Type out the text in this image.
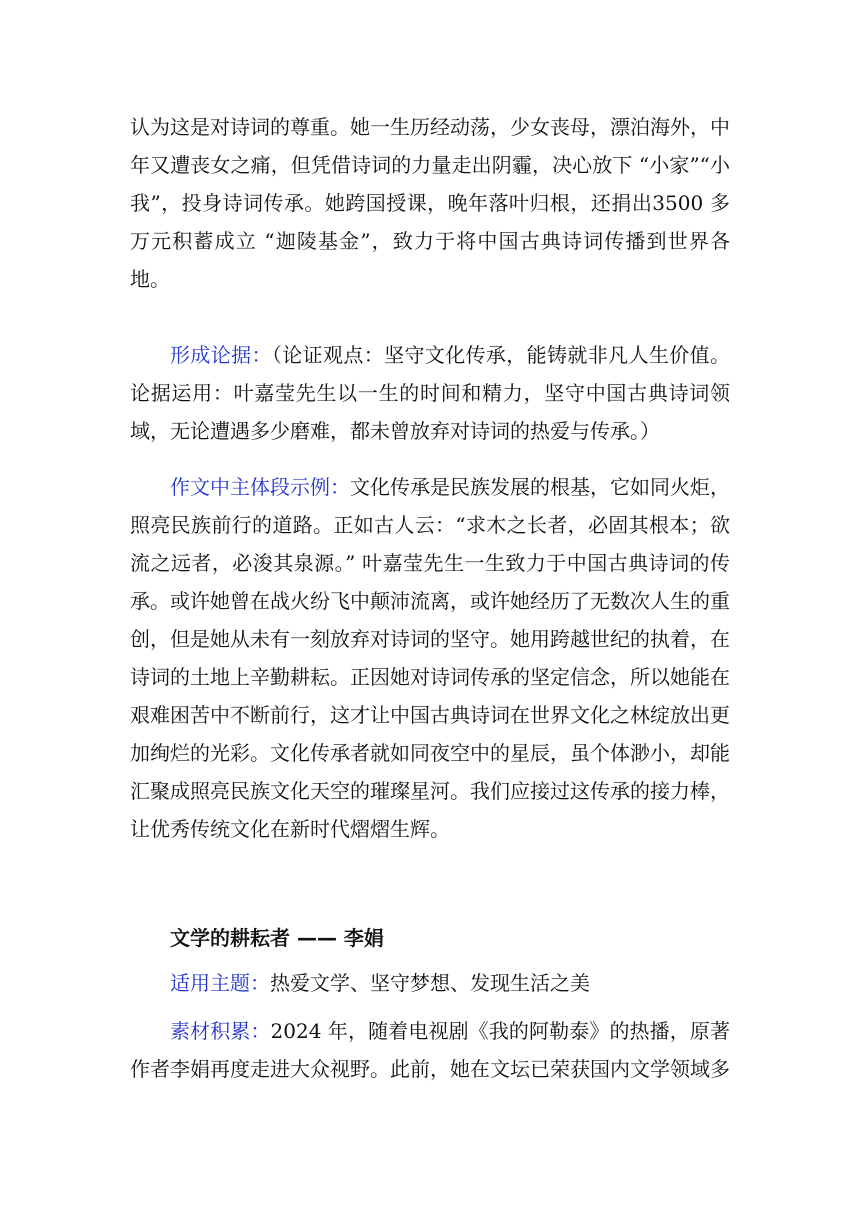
认为这是对诗词的尊重。她一生历经动荡，少女丧母，漂泊海外，中年又遭丧女之痛，但凭借诗词的力量走出阴霾，决心放下 “小家”“小我”，投身诗词传承。她跨国授课，晚年落叶归根，还捐出3500 多万元积蓄成立 “迦陵基金”，致力于将中国古典诗词传播到世界各地。
形成论据：（论证观点：坚守文化传承，能铸就非凡人生价值。论据运用：叶嘉莹先生以一生的时间和精力，坚守中国古典诗词领域，无论遭遇多少磨难，都未曾放弃对诗词的热爱与传承。）
作文中主体段示例：文化传承是民族发展的根基，它如同火炬，照亮民族前行的道路。正如古人云：“求木之长者，必固其根本；欲流之远者，必浚其泉源。” 叶嘉莹先生一生致力于中国古典诗词的传承。或许她曾在战火纷飞中颠沛流离，或许她经历了无数次人生的重创，但是她从未有一刻放弃对诗词的坚守。她用跨越世纪的执着，在诗词的土地上辛勤耕耘。正因她对诗词传承的坚定信念，所以她能在艰难困苦中不断前行，这才让中国古典诗词在世界文化之林绽放出更加绚烂的光彩。文化传承者就如同夜空中的星辰，虽个体渺小，却能汇聚成照亮民族文化天空的璀璨星河。我们应接过这传承的接力棒，让优秀传统文化在新时代熠熠生辉。
文学的耕耘者 —— 李娟
适用主题：热爱文学、坚守梦想、发现生活之美
素材积累：2024 年，随着电视剧《我的阿勒泰》的热播，原著作者李娟再度走进大众视野。此前，她在文坛已荣获国内文学领域多
